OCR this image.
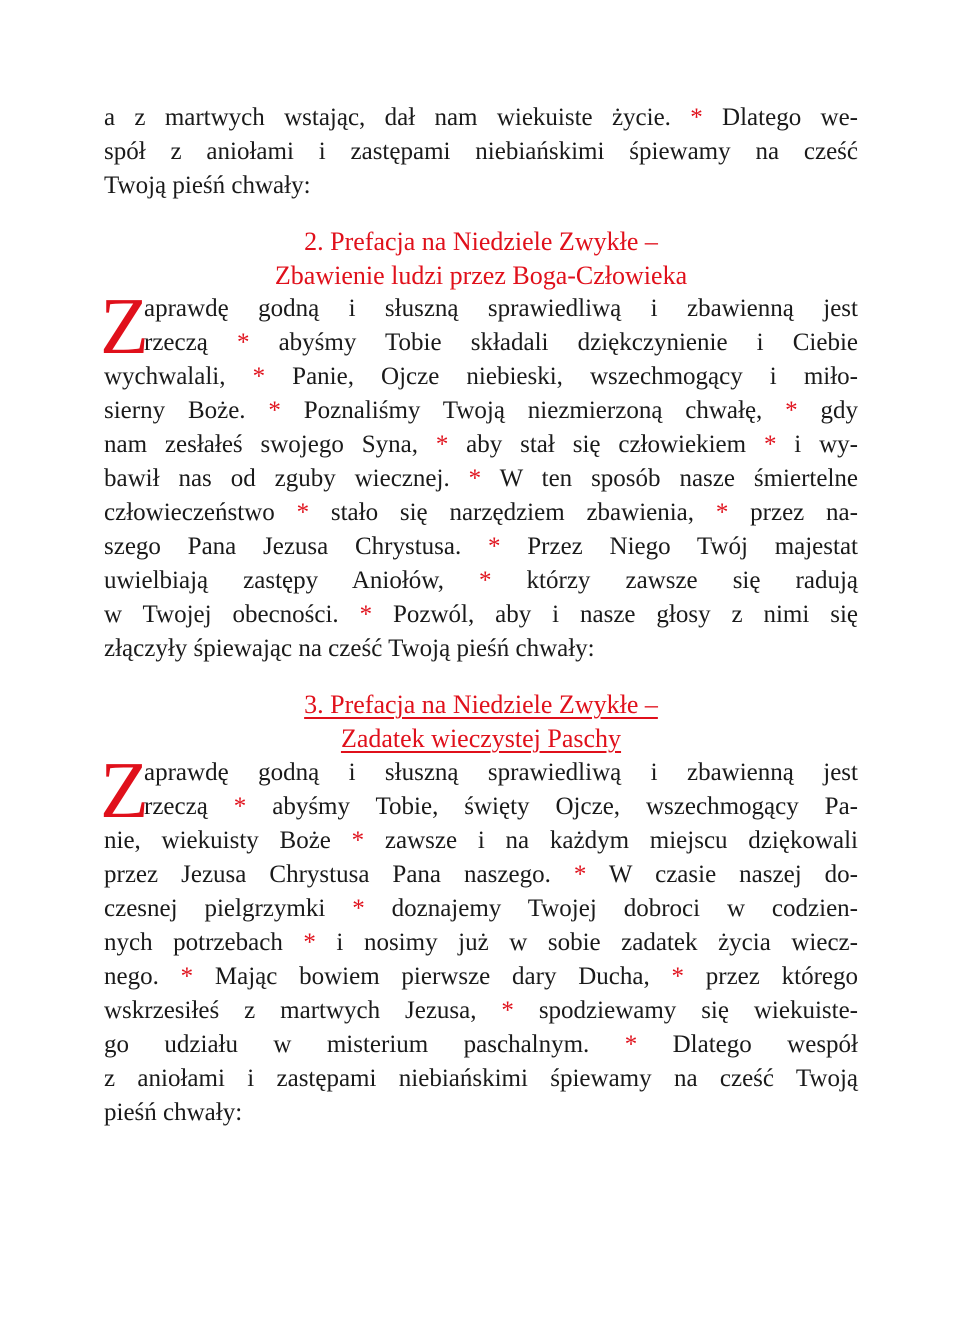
a z martwych wstając, dał nam wiekuiste życie. * Dlatego we-
spół z aniołami i zastępami niebiańskimi śpiewamy na cześć
Twoją pieśń chwały:
2. Prefacja na Niedziele Zwykłe –
Zbawienie ludzi przez Boga-Człowieka
Z
aprawdę godną i słuszną sprawiedliwą i zbawienną jest
rzeczą * abyśmy Tobie składali dziękczynienie i Ciebie
wychwalali, * Panie, Ojcze niebieski, wszechmogący i miło-
sierny Boże. * Poznaliśmy Twoją niezmierzoną chwałę, * gdy
nam zesłałeś swojego Syna, * aby stał się człowiekiem * i wy-
bawił nas od zguby wiecznej. * W ten sposób nasze śmiertelne
człowieczeństwo * stało się narzędziem zbawienia, * przez na-
szego Pana Jezusa Chrystusa. * Przez Niego Twój majestat
uwielbiają zastępy Aniołów, * którzy zawsze się radują
w Twojej obecności. * Pozwól, aby i nasze głosy z nimi się
złączyły śpiewając na cześć Twoją pieśń chwały:
3. Prefacja na Niedziele Zwykłe –
Zadatek wieczystej Paschy
Z
aprawdę godną i słuszną sprawiedliwą i zbawienną jest
rzeczą * abyśmy Tobie, święty Ojcze, wszechmogący Pa-
nie, wiekuisty Boże * zawsze i na każdym miejscu dziękowali
przez Jezusa Chrystusa Pana naszego. * W czasie naszej do-
czesnej pielgrzymki * doznajemy Twojej dobroci w codzien-
nych potrzebach * i nosimy już w sobie zadatek życia wiecz-
nego. * Mając bowiem pierwsze dary Ducha, * przez którego
wskrzesiłeś z martwych Jezusa, * spodziewamy się wiekuiste-
go udziału w misterium paschalnym. * Dlatego wespół
z aniołami i zastępami niebiańskimi śpiewamy na cześć Twoją
pieśń chwały:
